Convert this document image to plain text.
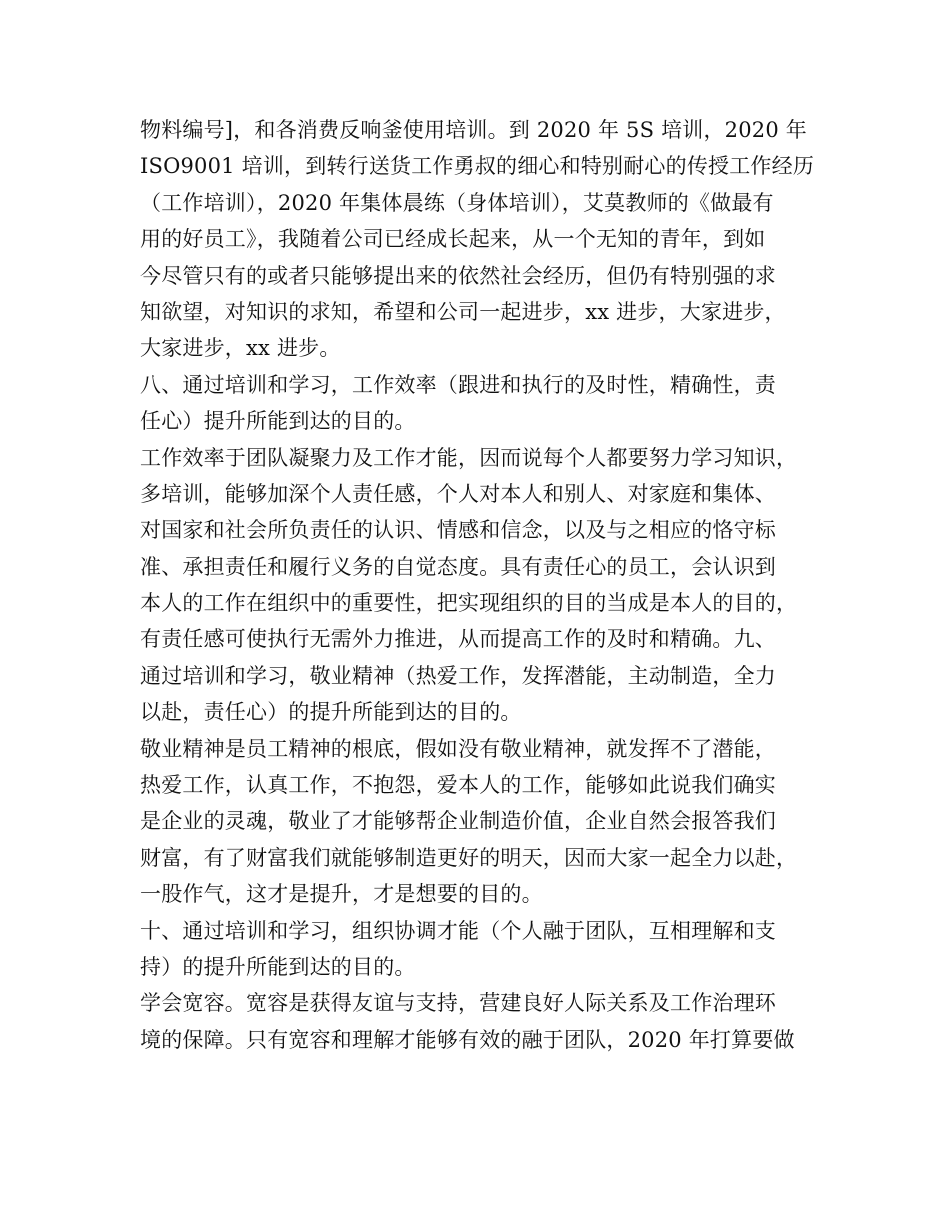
物料编号]，和各消费反响釜使用培训。到 2020 年 5S 培训，2020 年
ISO9001 培训，到转行送货工作勇叔的细心和特别耐心的传授工作经历
（工作培训），2020 年集体晨练（身体培训），艾莫教师的《做最有
用的好员工》，我随着公司已经成长起来，从一个无知的青年，到如
今尽管只有的或者只能够提出来的依然社会经历，但仍有特别强的求
知欲望，对知识的求知，希望和公司一起进步，xx 进步，大家进步，
大家进步，xx 进步。
八、通过培训和学习，工作效率（跟进和执行的及时性，精确性，责
任心）提升所能到达的目的。
工作效率于团队凝聚力及工作才能，因而说每个人都要努力学习知识，
多培训，能够加深个人责任感，个人对本人和别人、对家庭和集体、
对国家和社会所负责任的认识、情感和信念，以及与之相应的恪守标
准、承担责任和履行义务的自觉态度。具有责任心的员工，会认识到
本人的工作在组织中的重要性，把实现组织的目的当成是本人的目的，
有责任感可使执行无需外力推进，从而提高工作的及时和精确。九、
通过培训和学习，敬业精神（热爱工作，发挥潜能，主动制造，全力
以赴，责任心）的提升所能到达的目的。
敬业精神是员工精神的根底，假如没有敬业精神，就发挥不了潜能，
热爱工作，认真工作，不抱怨，爱本人的工作，能够如此说我们确实
是企业的灵魂，敬业了才能够帮企业制造价值，企业自然会报答我们
财富，有了财富我们就能够制造更好的明天，因而大家一起全力以赴，
一股作气，这才是提升，才是想要的目的。
十、通过培训和学习，组织协调才能（个人融于团队，互相理解和支
持）的提升所能到达的目的。
学会宽容。宽容是获得友谊与支持，营建良好人际关系及工作治理环
境的保障。只有宽容和理解才能够有效的融于团队，2020 年打算要做
